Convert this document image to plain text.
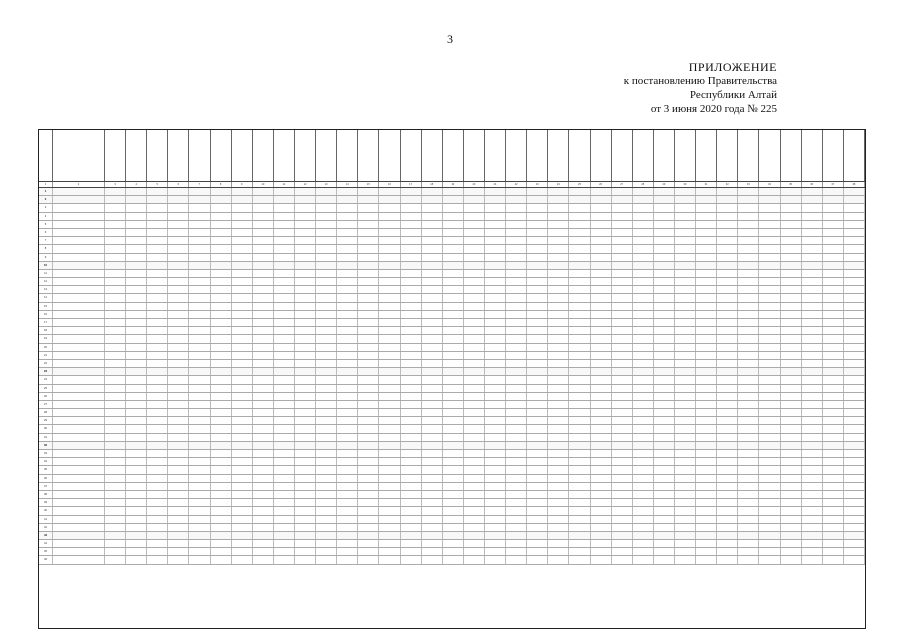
3
ПРИЛОЖЕНИЕ
к постановлению Правительства
Республики Алтай
от 3 июня 2020 года № 225
1	2	3	4	5	6	7	8	9	10	11	12	13	14	15	16	17	18	19	20	21	22	23	24	25	26	27	28	29	30	31	32	33	34	35	36	37	38
1
2
3
4
5
6
7
8
9
10
11
12
13
14
15
16
17
18
19
20
21
22
23
24
25
26
27
28
29
30
31
32
33
34
35
36
37
38
39
40
41
42
43
44
45
46
